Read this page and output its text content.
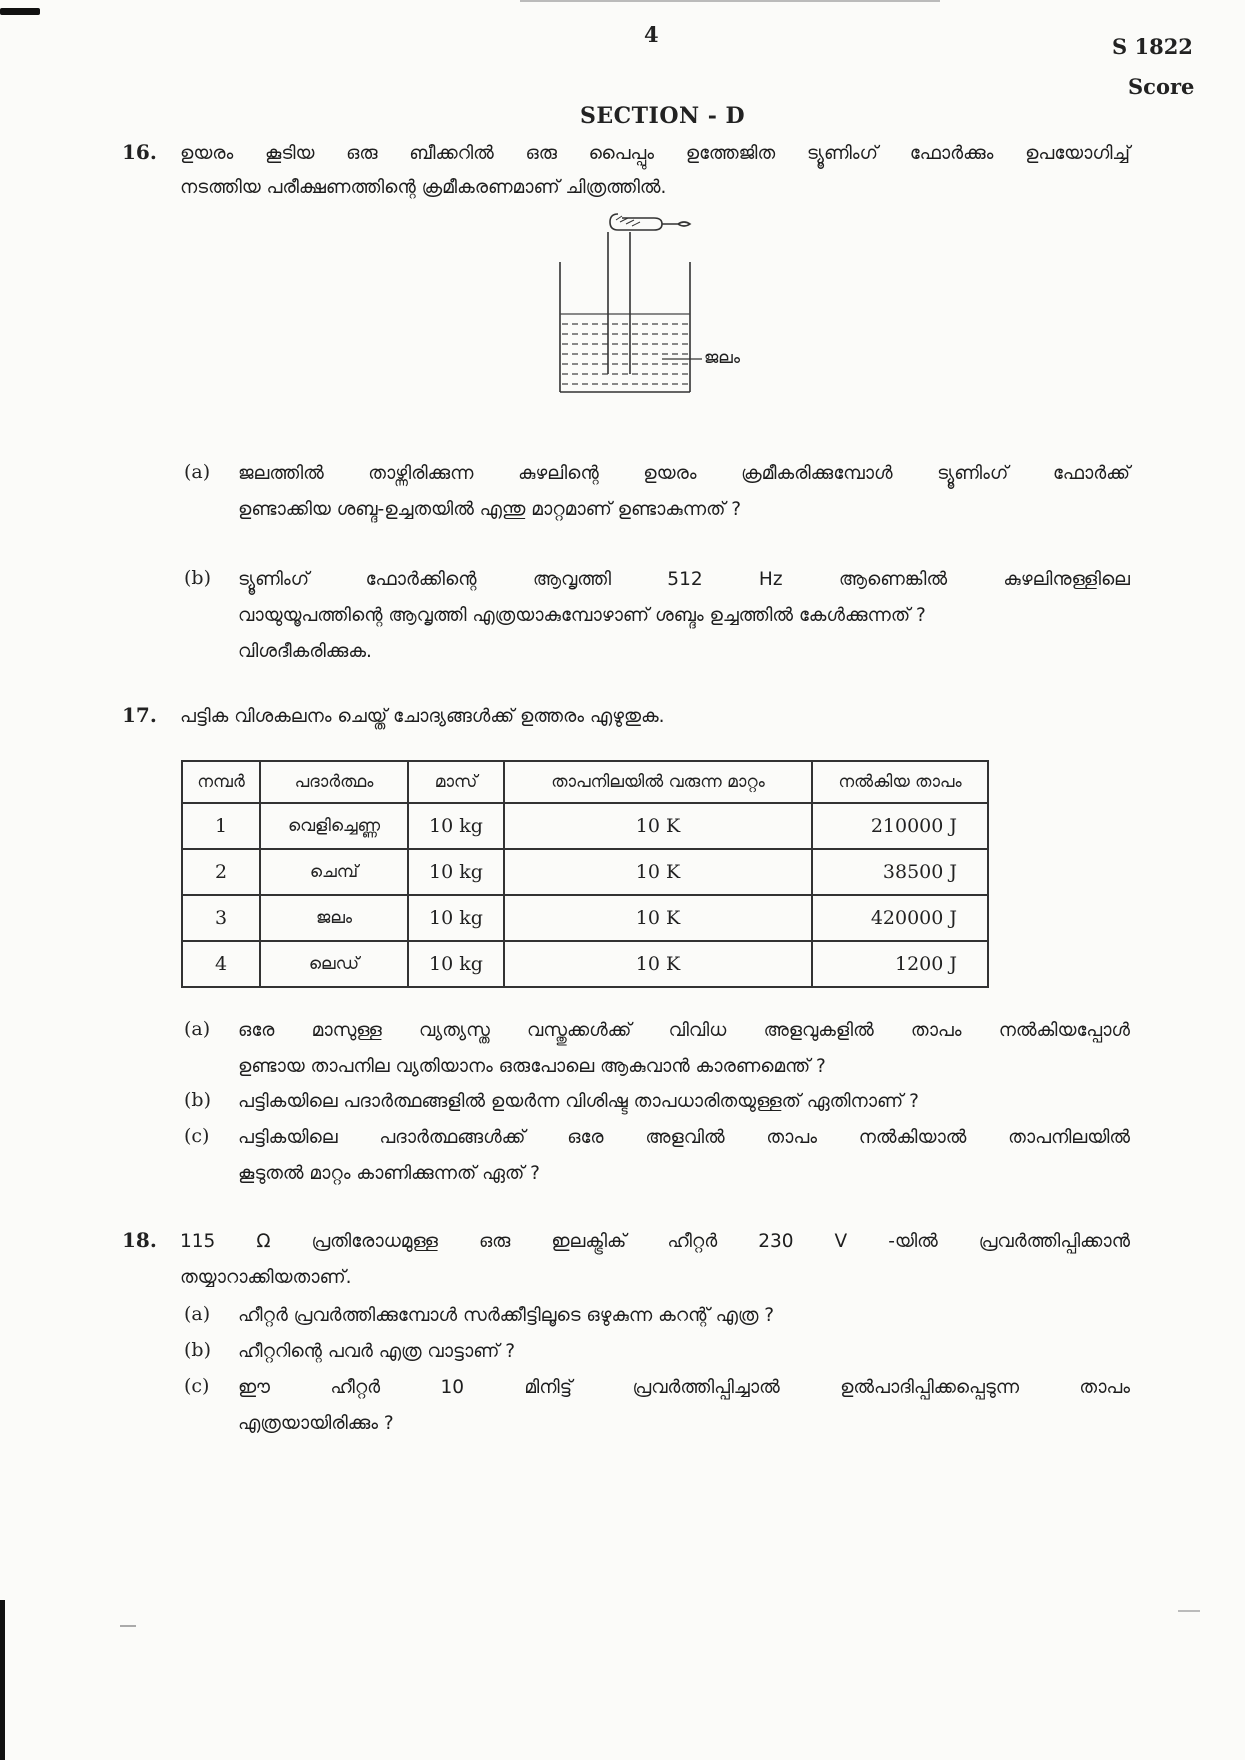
4	S 1822
Score
SECTION - D
16. ഉയരം കൂടിയ ഒരു ബീക്കറിൽ ഒരു പൈപ്പും ഉത്തേജിത ട്യൂണിംഗ് ഫോർക്കും ഉപയോഗിച്ച്
നടത്തിയ പരീക്ഷണത്തിന്റെ ക്രമീകരണമാണ് ചിത്രത്തിൽ.
ജലം
(a) ജലത്തിൽ താഴ്ന്നിരിക്കുന്ന കുഴലിന്റെ ഉയരം ക്രമീകരിക്കുമ്പോൾ ട്യൂണിംഗ് ഫോർക്ക്
ഉണ്ടാക്കിയ ശബ്ദ-ഉച്ചതയിൽ എന്തു മാറ്റമാണ് ഉണ്ടാകുന്നത് ?
(b) ട്യൂണിംഗ് ഫോർക്കിന്റെ ആവൃത്തി 512 Hz ആണെങ്കിൽ കുഴലിനുള്ളിലെ
വായുയൂപത്തിന്റെ ആവൃത്തി എത്രയാകുമ്പോഴാണ് ശബ്ദം ഉച്ചത്തിൽ കേൾക്കുന്നത് ?
വിശദീകരിക്കുക.
17. പട്ടിക വിശകലനം ചെയ്ത് ചോദ്യങ്ങൾക്ക് ഉത്തരം എഴുതുക.
നമ്പർ	പദാർത്ഥം	മാസ്	താപനിലയിൽ വരുന്ന മാറ്റം	നൽകിയ താപം
1	വെളിച്ചെണ്ണ	10 kg	10 K	210000 J
2	ചെമ്പ്	10 kg	10 K	38500 J
3	ജലം	10 kg	10 K	420000 J
4	ലെഡ്	10 kg	10 K	1200 J
(a) ഒരേ മാസുള്ള വ്യത്യസ്ത വസ്തുക്കൾക്ക് വിവിധ അളവുകളിൽ താപം നൽകിയപ്പോൾ
ഉണ്ടായ താപനില വ്യതിയാനം ഒരുപോലെ ആകുവാൻ കാരണമെന്ത് ?
(b) പട്ടികയിലെ പദാർത്ഥങ്ങളിൽ ഉയർന്ന വിശിഷ്ട താപധാരിതയുള്ളത് ഏതിനാണ് ?
(c) പട്ടികയിലെ പദാർത്ഥങ്ങൾക്ക് ഒരേ അളവിൽ താപം നൽകിയാൽ താപനിലയിൽ
കൂടുതൽ മാറ്റം കാണിക്കുന്നത് ഏത് ?
18. 115 Ω പ്രതിരോധമുള്ള ഒരു ഇലക്ട്രിക് ഹീറ്റർ 230 V -യിൽ പ്രവർത്തിപ്പിക്കാൻ
തയ്യാറാക്കിയതാണ്.
(a) ഹീറ്റർ പ്രവർത്തിക്കുമ്പോൾ സർക്കീട്ടിലൂടെ ഒഴുകുന്ന കറന്റ് എത്ര ?
(b) ഹീറ്ററിന്റെ പവർ എത്ര വാട്ടാണ് ?
(c) ഈ ഹീറ്റർ 10 മിനിട്ട് പ്രവർത്തിപ്പിച്ചാൽ ഉൽപാദിപ്പിക്കപ്പെടുന്ന താപം
എത്രയായിരിക്കും ?
